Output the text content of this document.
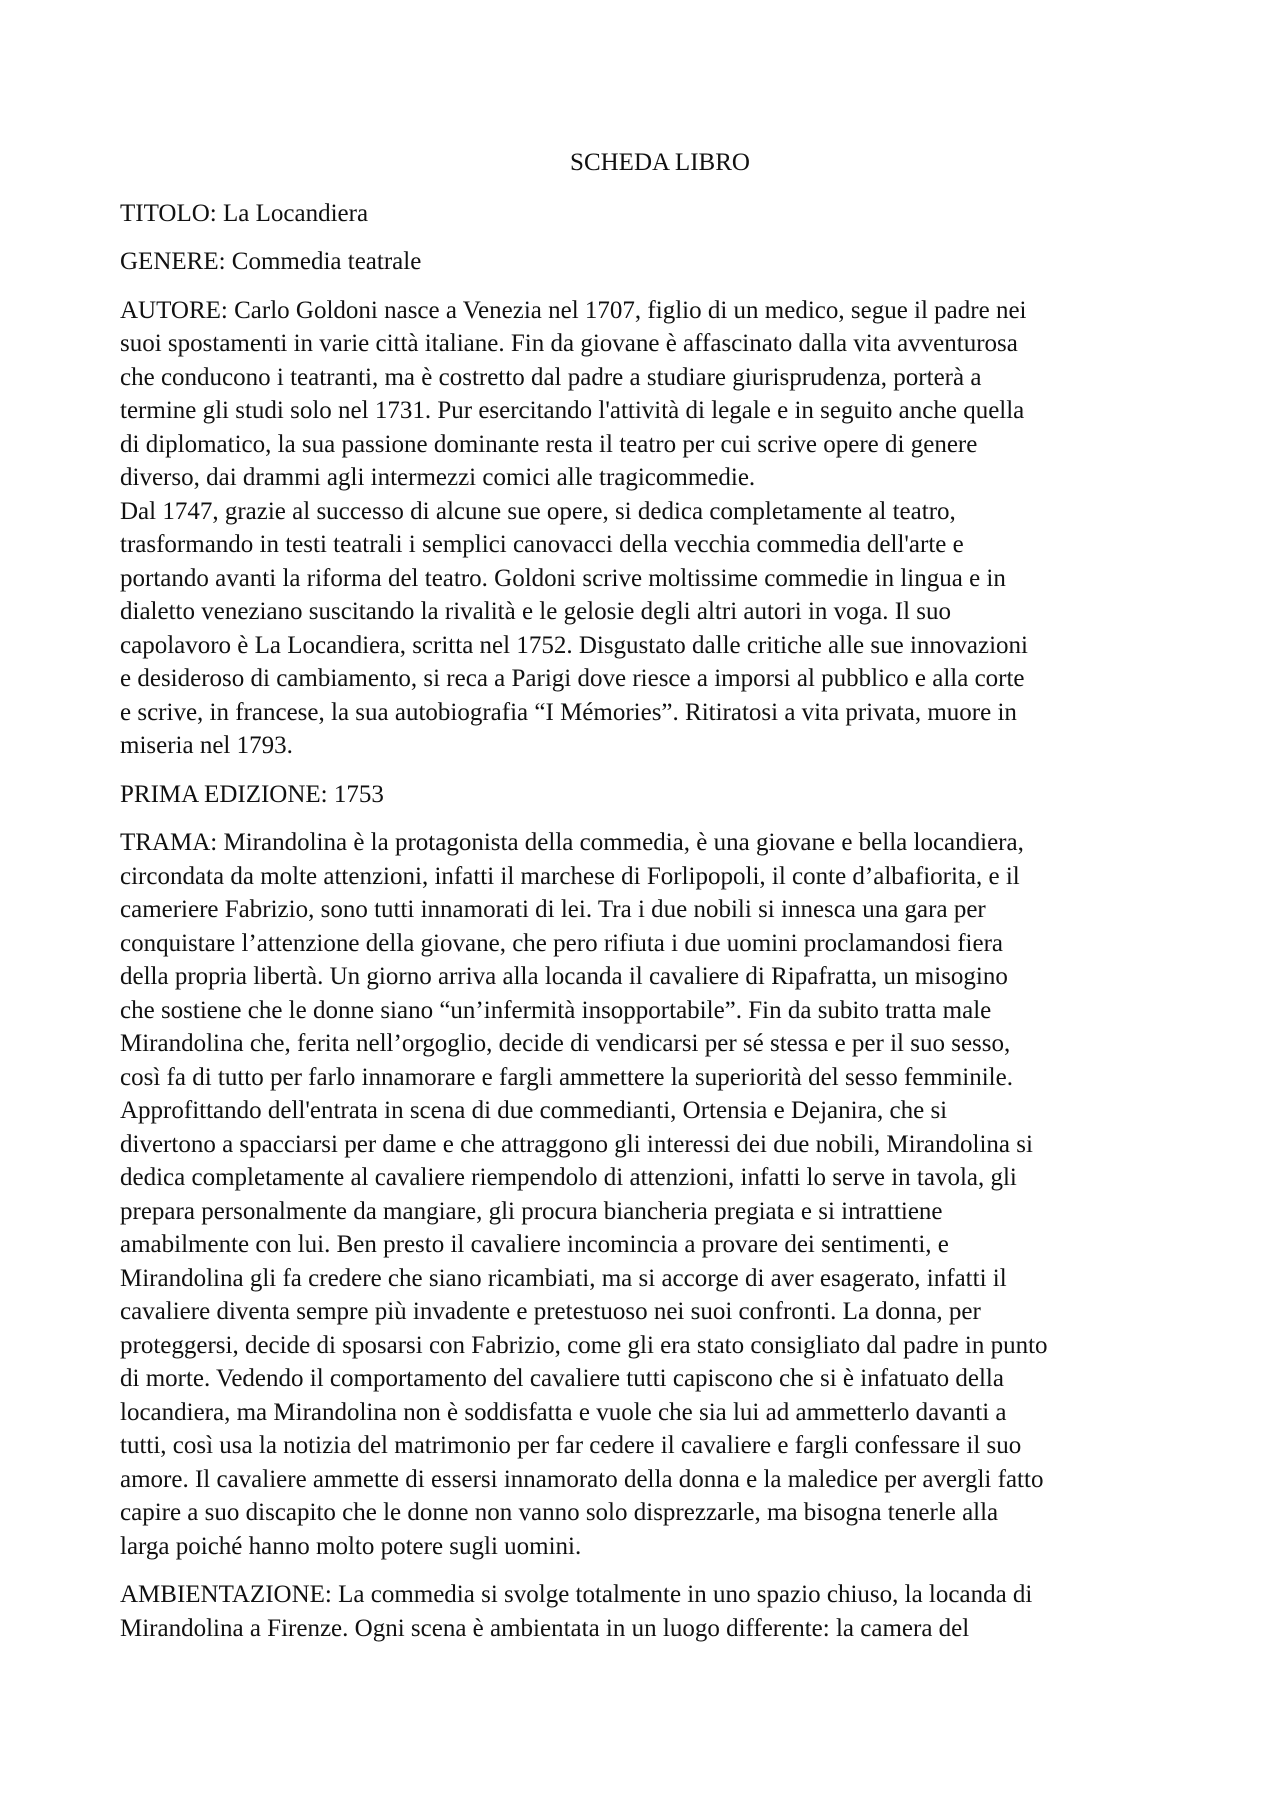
SCHEDA LIBRO
TITOLO: La Locandiera
GENERE: Commedia teatrale
AUTORE: Carlo Goldoni nasce a Venezia nel 1707, figlio di un medico, segue il padre nei
suoi spostamenti in varie città italiane. Fin da giovane è affascinato dalla vita avventurosa
che conducono i teatranti, ma è costretto dal padre a studiare giurisprudenza, porterà a
termine gli studi solo nel 1731. Pur esercitando l'attività di legale e in seguito anche quella
di diplomatico, la sua passione dominante resta il teatro per cui scrive opere di genere
diverso, dai drammi agli intermezzi comici alle tragicommedie.
Dal 1747, grazie al successo di alcune sue opere, si dedica completamente al teatro,
trasformando in testi teatrali i semplici canovacci della vecchia commedia dell'arte e
portando avanti la riforma del teatro. Goldoni scrive moltissime commedie in lingua e in
dialetto veneziano suscitando la rivalità e le gelosie degli altri autori in voga. Il suo
capolavoro è La Locandiera, scritta nel 1752. Disgustato dalle critiche alle sue innovazioni
e desideroso di cambiamento, si reca a Parigi dove riesce a imporsi al pubblico e alla corte
e scrive, in francese, la sua autobiografia “I Mémories”. Ritiratosi a vita privata, muore in
miseria nel 1793.
PRIMA EDIZIONE: 1753
TRAMA: Mirandolina è la protagonista della commedia, è una giovane e bella locandiera,
circondata da molte attenzioni, infatti il marchese di Forlipopoli, il conte d’albafiorita, e il
cameriere Fabrizio, sono tutti innamorati di lei. Tra i due nobili si innesca una gara per
conquistare l’attenzione della giovane, che pero rifiuta i due uomini proclamandosi fiera
della propria libertà. Un giorno arriva alla locanda il cavaliere di Ripafratta, un misogino
che sostiene che le donne siano “un’infermità insopportabile”. Fin da subito tratta male
Mirandolina che, ferita nell’orgoglio, decide di vendicarsi per sé stessa e per il suo sesso,
così fa di tutto per farlo innamorare e fargli ammettere la superiorità del sesso femminile.
Approfittando dell'entrata in scena di due commedianti, Ortensia e Dejanira, che si
divertono a spacciarsi per dame e che attraggono gli interessi dei due nobili, Mirandolina si
dedica completamente al cavaliere riempendolo di attenzioni, infatti lo serve in tavola, gli
prepara personalmente da mangiare, gli procura biancheria pregiata e si intrattiene
amabilmente con lui. Ben presto il cavaliere incomincia a provare dei sentimenti, e
Mirandolina gli fa credere che siano ricambiati, ma si accorge di aver esagerato, infatti il
cavaliere diventa sempre più invadente e pretestuoso nei suoi confronti. La donna, per
proteggersi, decide di sposarsi con Fabrizio, come gli era stato consigliato dal padre in punto
di morte. Vedendo il comportamento del cavaliere tutti capiscono che si è infatuato della
locandiera, ma Mirandolina non è soddisfatta e vuole che sia lui ad ammetterlo davanti a
tutti, così usa la notizia del matrimonio per far cedere il cavaliere e fargli confessare il suo
amore. Il cavaliere ammette di essersi innamorato della donna e la maledice per avergli fatto
capire a suo discapito che le donne non vanno solo disprezzarle, ma bisogna tenerle alla
larga poiché hanno molto potere sugli uomini.
AMBIENTAZIONE: La commedia si svolge totalmente in uno spazio chiuso, la locanda di
Mirandolina a Firenze. Ogni scena è ambientata in un luogo differente: la camera del
